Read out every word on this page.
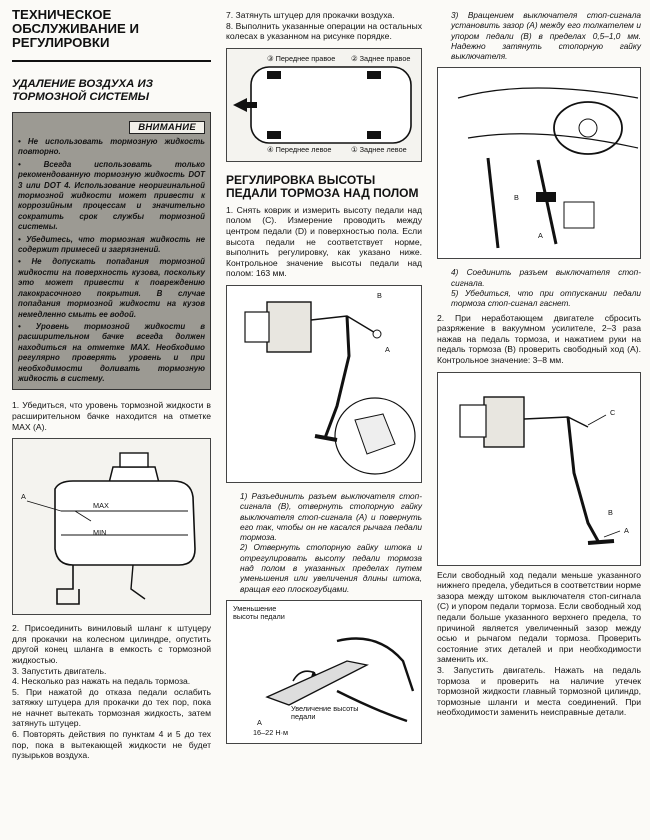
ТЕХНИЧЕСКОЕ ОБСЛУЖИВАНИЕ И РЕГУЛИРОВКИ
УДАЛЕНИЕ ВОЗДУХА ИЗ ТОРМОЗНОЙ СИСТЕМЫ
ВНИМАНИЕ

• Не использовать тормозную жидкость повторно.

• Всегда использовать только рекомендованную тормозную жидкость DOT 3 или DOT 4. Использование неоригинальной тормозной жидкости может привести к коррозийным процессам и значительно сократить срок службы тормозной системы.

• Убедитесь, что тормозная жидкость не содержит примесей и загрязнений.

• Не допускать попадания тормозной жидкости на поверхность кузова, поскольку это может привести к повреждению лакокрасочного покрытия. В случае попадания тормозной жидкости на кузов немедленно смыть ее водой.

• Уровень тормозной жидкости в расширительном бачке всегда должен находиться на отметке MAX. Необходимо регулярно проверять уровень и при необходимости доливать тормозную жидкость в систему.

1. Убедиться, что уровень тормозной жидкости в расширительном бачке находится на отметке MAX (A).

A
MAX
MIN

2. Присоединить виниловый шланг к штуцеру для прокачки на колесном цилиндре, опустить другой конец шланга в емкость с тормозной жидкостью.

3. Запустить двигатель.

4. Несколько раз нажать на педаль тормоза.

5. При нажатой до отказа педали ослабить затяжку штуцера для прокачки до тех пор, пока не начнет вытекать тормозная жидкость, затем затянуть штуцер.

6. Повторять действия по пунктам 4 и 5 до тех пор, пока в вытекающей жидкости не будет пузырьков воздуха.

7. Затянуть штуцер для прокачки воздуха.

8. Выполнить указанные операции на остальных колесах в указанном на рисунке порядке.

③ Переднее правое ② Заднее правое
④ Переднее левое	① Заднее левое
РЕГУЛИРОВКА ВЫСОТЫ ПЕДАЛИ ТОРМОЗА НАД ПОЛОМ

1. Снять коврик и измерить высоту педали над полом (C). Измерение проводить между центром педали (D) и поверхностью пола. Если высота педали не соответствует норме, выполнить регулировку, как указано ниже. Контрольное значение высоты педали над полом: 163 мм.

B
A

1) Разъединить разъем выключателя стоп-сигнала (B), отвернуть стопорную гайку выключателя стоп-сигнала (A) и повернуть его так, чтобы он не касался рычага педали тормоза.

2) Отвернуть стопорную гайку штока и отрегулировать высоту педали тормоза над полом в указанных пределах путем уменьшения или увеличения длины штока, вращая его плоскогубцами.

Уменьшение высоты педали
Увеличение высоты педали
A
16–22 Н·м

3) Вращением выключателя стоп-сигнала установить зазор (A) между его толкателем и упором педали (B) в пределах 0,5–1,0 мм. Надежно затянуть стопорную гайку выключателя.

B
A

4) Соединить разъем выключателя стоп-сигнала.

5) Убедиться, что при отпускании педали тормоза стоп-сигнал гаснет.

2. При неработающем двигателе сбросить разряжение в вакуумном усилителе, 2–3 раза нажав на педаль тормоза, и нажатием руки на педаль тормоза (B) проверить свободный ход (A). Контрольное значение: 3–8 мм.

C
B
A

Если свободный ход педали меньше указанного нижнего предела, убедиться в соответствии норме зазора между штоком выключателя стоп-сигнала (C) и упором педали тормоза. Если свободный ход педали больше указанного верхнего предела, то причиной является увеличенный зазор между осью и рычагом педали тормоза. Проверить состояние этих деталей и при необходимости заменить их.

3. Запустить двигатель. Нажать на педаль тормоза и проверить на наличие утечек тормозной жидкости главный тормозной цилиндр, тормозные шланги и места соединений. При необходимости заменить неисправные детали.
